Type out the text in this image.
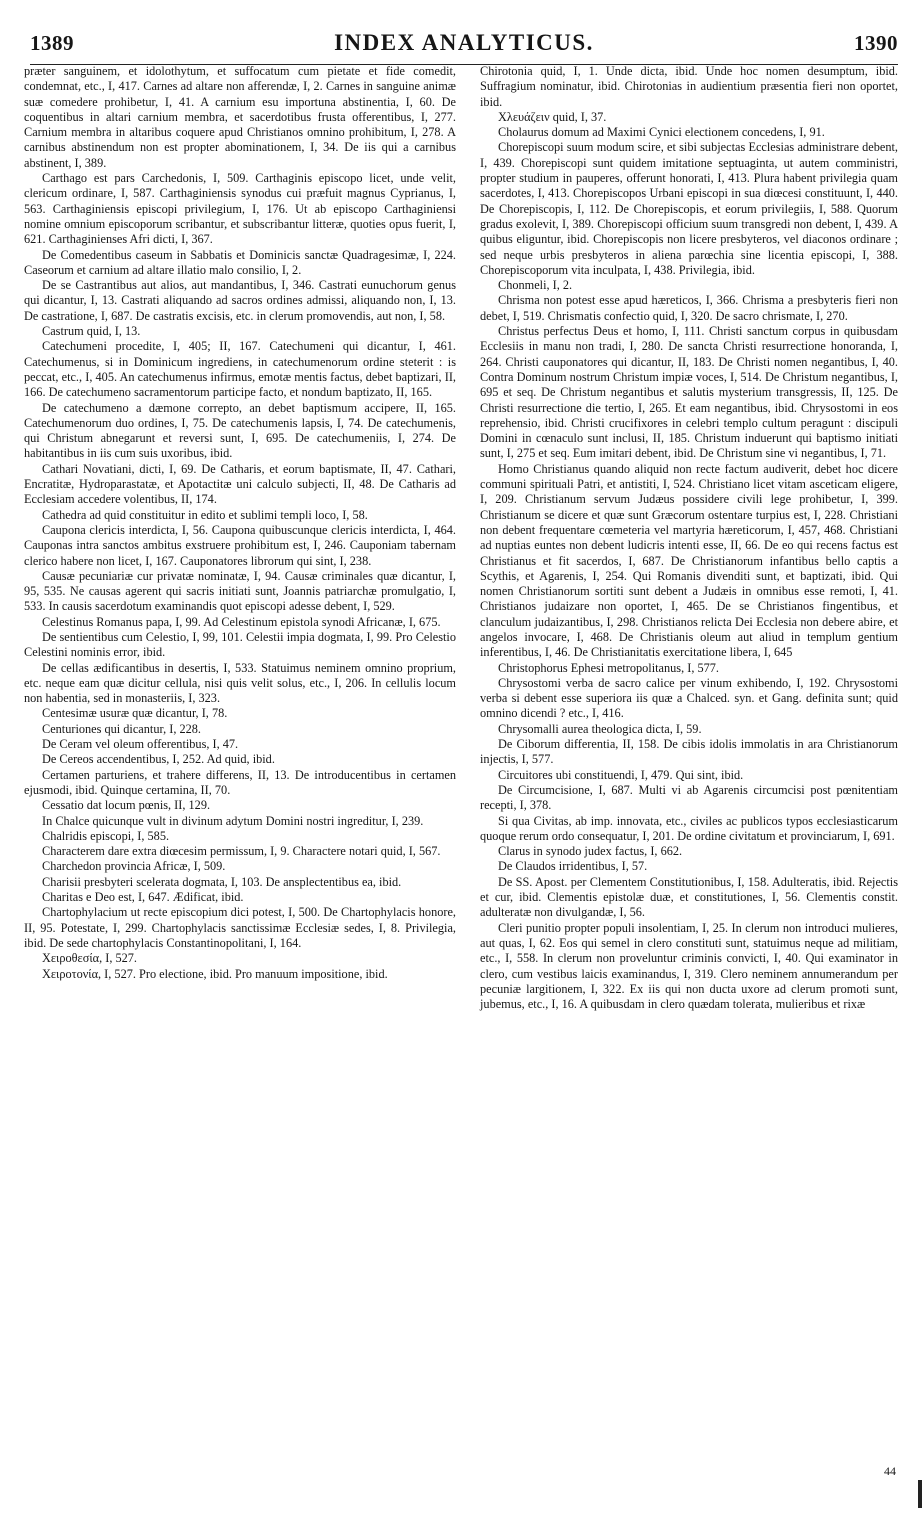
1389	INDEX ANALYTICUS.	1390

præter sanguinem, et idolothytum, et suffocatum cum pietate et fide comedit, condemnat, etc., I, 417. Carnes ad altare non afferendæ, I, 2. Carnes in sanguine animæ suæ comedere prohibetur, I, 41. A carnium esu importuna abstinentia, I, 60. De coquentibus in altari carnium membra, et sacerdotibus frusta offerentibus, I, 277. Carnium membra in altaribus coquere apud Christianos omnino prohibitum, I, 278. A carnibus abstinendum non est propter abominationem, I, 34. De iis qui a carnibus abstinent, I, 389.

Carthago est pars Carchedonis, I, 509. Carthaginis episcopo licet, unde velit, clericum ordinare, I, 587. Carthaginiensis synodus cui præfuit magnus Cyprianus, I, 563. Carthaginiensis episcopi privilegium, I, 176. Ut ab episcopo Carthaginiensi nomine omnium episcoporum scribantur, et subscribantur litteræ, quoties opus fuerit, I, 621. Carthaginienses Afri dicti, I, 367.

De Comedentibus caseum in Sabbatis et Dominicis sanctæ Quadragesimæ, I, 224. Caseorum et carnium ad altare illatio malo consilio, I, 2.

De se Castrantibus aut alios, aut mandantibus, I, 346. Castrati eunuchorum genus qui dicantur, I, 13. Castrati aliquando ad sacros ordines admissi, aliquando non, I, 13. De castratione, I, 687. De castratis excisis, etc. in clerum promovendis, aut non, I, 58.

Castrum quid, I, 13.

Catechumeni procedite, I, 405; II, 167. Catechumeni qui dicantur, I, 461. Catechumenus, si in Dominicum ingrediens, in catechumenorum ordine steterit : is peccat, etc., I, 405. An catechumenus infirmus, emotæ mentis factus, debet baptizari, II, 166. De catechumeno sacramentorum participe facto, et nondum baptizato, II, 165.

De catechumeno a dæmone correpto, an debet baptismum accipere, II, 165. Catechumenorum duo ordines, I, 75. De catechumenis lapsis, I, 74. De catechumenis, qui Christum abnegarunt et reversi sunt, I, 695. De catechumeniis, I, 274. De habitantibus in iis cum suis uxoribus, ibid.

Cathari Novatiani, dicti, I, 69. De Catharis, et eorum baptismate, II, 47. Cathari, Encratitæ, Hydroparastatæ, et Apotactitæ uni calculo subjecti, II, 48. De Catharis ad Ecclesiam accedere volentibus, II, 174.

Cathedra ad quid constituitur in edito et sublimi templi loco, I, 58.

Caupona clericis interdicta, I, 56. Caupona quibuscunque clericis interdicta, I, 464. Cauponas intra sanctos ambitus exstruere prohibitum est, I, 246. Cauponiam tabernam clerico habere non licet, I, 167. Cauponatores librorum qui sint, I, 238.

Causæ pecuniariæ cur privatæ nominatæ, I, 94. Causæ criminales quæ dicantur, I, 95, 535. Ne causas agerent qui sacris initiati sunt, Joannis patriarchæ promulgatio, I, 533. In causis sacerdotum examinandis quot episcopi adesse debent, I, 529.

Celestinus Romanus papa, I, 99. Ad Celestinum epistola synodi Africanæ, I, 675.

De sentientibus cum Celestio, I, 99, 101. Celestii impia dogmata, I, 99. Pro Celestio Celestini nominis error, ibid.

De cellas ædificantibus in desertis, I, 533. Statuimus neminem omnino proprium, etc. neque eam quæ dicitur cellula, nisi quis velit solus, etc., I, 206. In cellulis locum non habentia, sed in monasteriis, I, 323.

Centesimæ usuræ quæ dicantur, I, 78.

Centuriones qui dicantur, I, 228.

De Ceram vel oleum offerentibus, I, 47.

De Cereos accendentibus, I, 252. Ad quid, ibid.

Certamen parturiens, et trahere differens, II, 13. De introducentibus in certamen ejusmodi, ibid. Quinque certamina, II, 70.

Cessatio dat locum pœnis, II, 129.

In Chalce quicunque vult in divinum adytum Domini nostri ingreditur, I, 239.

Chalridis episcopi, I, 585.

Characterem dare extra diœcesim permissum, I, 9. Charactere notari quid, I, 567.

Charchedon provincia Africæ, I, 509.

Charisii presbyteri scelerata dogmata, I, 103. De ansplectentibus ea, ibid.

Charitas e Deo est, I, 647. Ædificat, ibid.

Chartophylacium ut recte episcopium dici potest, I, 500. De Chartophylacis honore, II, 95. Potestate, I, 299. Chartophylacis sanctissimæ Ecclesiæ sedes, I, 8. Privilegia, ibid. De sede chartophylacis Constantinopolitani, I, 164.

Χειροθεσία, I, 527.

Χειροτονία, I, 527. Pro electione, ibid. Pro manuum impositione, ibid.

Chirotonia quid, I, 1. Unde dicta, ibid. Unde hoc nomen desumptum, ibid. Suffragium nominatur, ibid. Chirotonias in audientium præsentia fieri non oportet, ibid.

Χλευάζειν quid, I, 37.

Cholaurus domum ad Maximi Cynici electionem concedens, I, 91.

Chorepiscopi suum modum scire, et sibi subjectas Ecclesias administrare debent, I, 439. Chorepiscopi sunt quidem imitatione septuaginta, ut autem comministri, propter studium in pauperes, offerunt honorati, I, 413. Plura habent privilegia quam sacerdotes, I, 413. Chorepiscopos Urbani episcopi in sua diœcesi constituunt, I, 440. De Chorepiscopis, I, 112. De Chorepiscopis, et eorum privilegiis, I, 588. Quorum gradus exolevit, I, 389. Chorepiscopi officium suum transgredi non debent, I, 439. A quibus eliguntur, ibid. Chorepiscopis non licere presbyteros, vel diaconos ordinare ; sed neque urbis presbyteros in aliena parœchia sine licentia episcopi, I, 388. Chorepiscoporum vita inculpata, I, 438. Privilegia, ibid.

Chonmeli, I, 2.

Chrisma non potest esse apud hæreticos, I, 366. Chrisma a presbyteris fieri non debet, I, 519. Chrismatis confectio quid, I, 320. De sacro chrismate, I, 270.

Christus perfectus Deus et homo, I, 111. Christi sanctum corpus in quibusdam Ecclesiis in manu non tradi, I, 280. De sancta Christi resurrectione honoranda, I, 264. Christi cauponatores qui dicantur, II, 183. De Christi nomen negantibus, I, 40. Contra Dominum nostrum Christum impiæ voces, I, 514. De Christum negantibus, I, 695 et seq. De Christum negantibus et salutis mysterium transgressis, II, 125. De Christi resurrectione die tertio, I, 265. Et eam negantibus, ibid. Chrysostomi in eos reprehensio, ibid. Christi crucifixores in celebri templo cultum peragunt : discipuli Domini in cœnaculo sunt inclusi, II, 185. Christum induerunt qui baptismo initiati sunt, I, 275 et seq. Eum imitari debent, ibid. De Christum sine vi negantibus, I, 71.

Homo Christianus quando aliquid non recte factum audiverit, debet hoc dicere communi spirituali Patri, et antistiti, I, 524. Christiano licet vitam asceticam eligere, I, 209. Christianum servum Judæus possidere civili lege prohibetur, I, 399. Christianum se dicere et quæ sunt Græcorum ostentare turpius est, I, 228. Christiani non debent frequentare cœmeteria vel martyria hæreticorum, I, 457, 468. Christiani ad nuptias euntes non debent ludicris intenti esse, II, 66. De eo qui recens factus est Christianus et fit sacerdos, I, 687. De Christianorum infantibus bello captis a Scythis, et Agarenis, I, 254. Qui Romanis divenditi sunt, et baptizati, ibid. Qui nomen Christianorum sortiti sunt debent a Judæis in omnibus esse remoti, I, 41. Christianos judaizare non oportet, I, 465. De se Christianos fingentibus, et clanculum judaizantibus, I, 298. Christianos relicta Dei Ecclesia non debere abire, et angelos invocare, I, 468. De Christianis oleum aut aliud in templum gentium inferentibus, I, 46. De Christianitatis exercitatione libera, I, 645

Christophorus Ephesi metropolitanus, I, 577.

Chrysostomi verba de sacro calice per vinum exhibendo, I, 192. Chrysostomi verba si debent esse superiora iis quæ a Chalced. syn. et Gang. definita sunt; quid omnino dicendi ? etc., I, 416.

Chrysomalli aurea theologica dicta, I, 59.

De Ciborum differentia, II, 158. De cibis idolis immolatis in ara Christianorum injectis, I, 577.

Circuitores ubi constituendi, I, 479. Qui sint, ibid.

De Circumcisione, I, 687. Multi vi ab Agarenis circumcisi post pœnitentiam recepti, I, 378.

Si qua Civitas, ab imp. innovata, etc., civiles ac publicos typos ecclesiasticarum quoque rerum ordo consequatur, I, 201. De ordine civitatum et provinciarum, I, 691.

Clarus in synodo judex factus, I, 662.

De Claudos irridentibus, I, 57.

De SS. Apost. per Clementem Constitutionibus, I, 158. Adulteratis, ibid. Rejectis et cur, ibid. Clementis epistolæ duæ, et constitutiones, I, 56. Clementis constit. adulteratæ non divulgandæ, I, 56.

Cleri punitio propter populi insolentiam, I, 25. In clerum non introduci mulieres, aut quas, I, 62. Eos qui semel in clero constituti sunt, statuimus neque ad militiam, etc., I, 558. In clerum non proveluntur criminis convicti, I, 40. Qui examinator in clero, cum vestibus laicis examinandus, I, 319. Clero neminem annumerandum per pecuniæ largitionem, I, 322. Ex iis qui non ducta uxore ad clerum promoti sunt, jubemus, etc., I, 16. A quibusdam in clero quædam tolerata, mulieribus et rixæ

44
